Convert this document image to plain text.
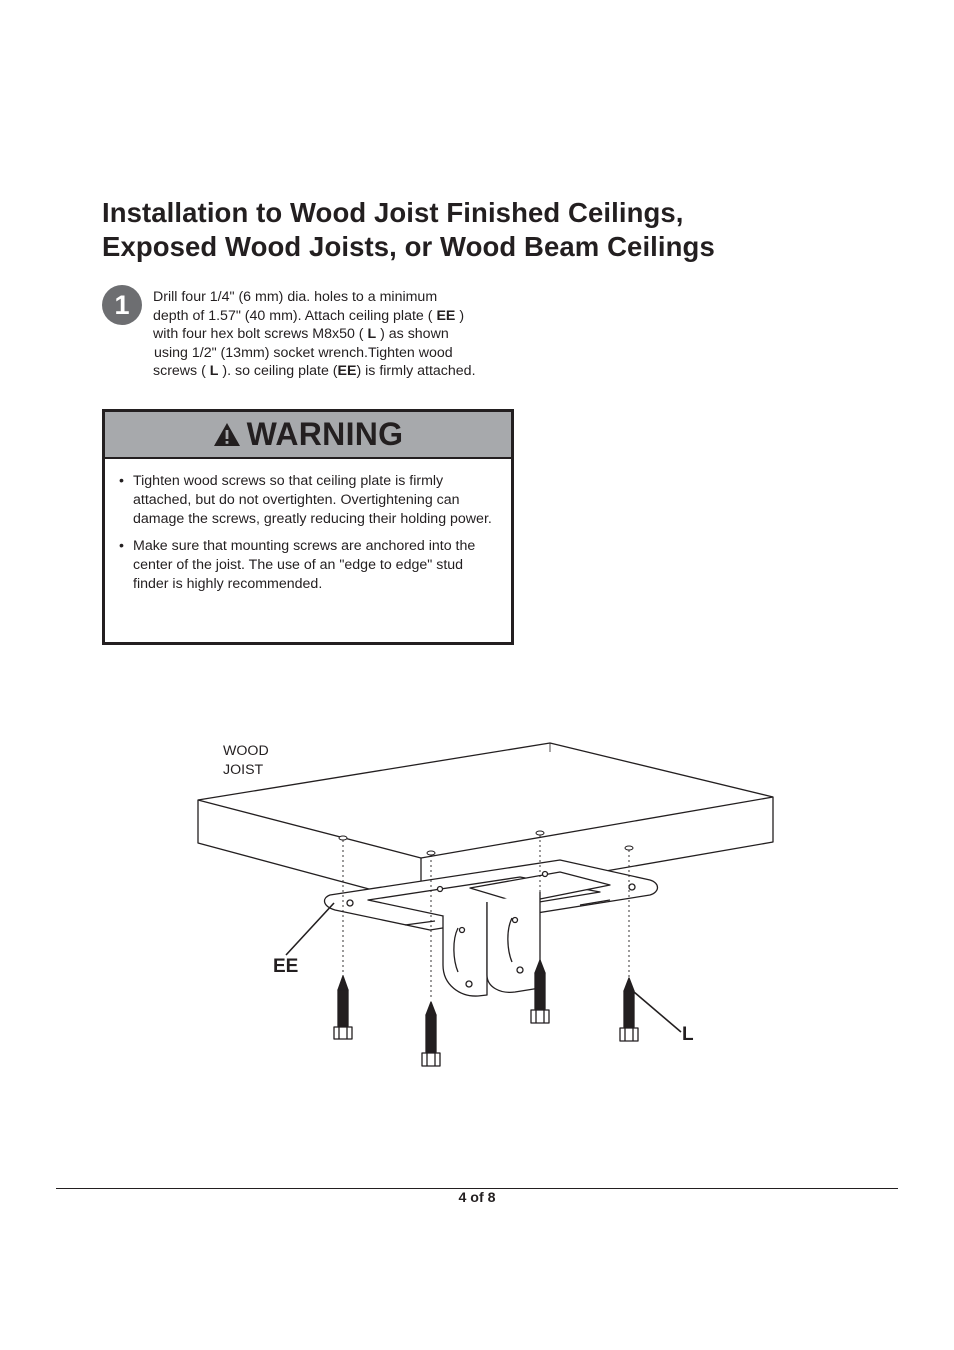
Installation to Wood Joist Finished Ceilings,
Exposed Wood Joists, or Wood Beam Ceilings
1	Drill four 1/4" (6 mm) dia. holes to a minimum
depth of 1.57" (40 mm). Attach ceiling plate ( EE )
with four hex bolt screws M8x50 ( L ) as shown
using 1/2" (13mm) socket wrench.Tighten wood
screws ( L ). so ceiling plate (EE) is firmly attached.
WARNING
• Tighten wood screws so that ceiling plate is firmly attached, but do not overtighten. Overtightening can damage the screws, greatly reducing their holding power.
• Make sure that mounting screws are anchored into the center of the joist. The use of an "edge to edge" stud finder is highly recommended.
WOOD
JOIST
EE
L
4 of 8
